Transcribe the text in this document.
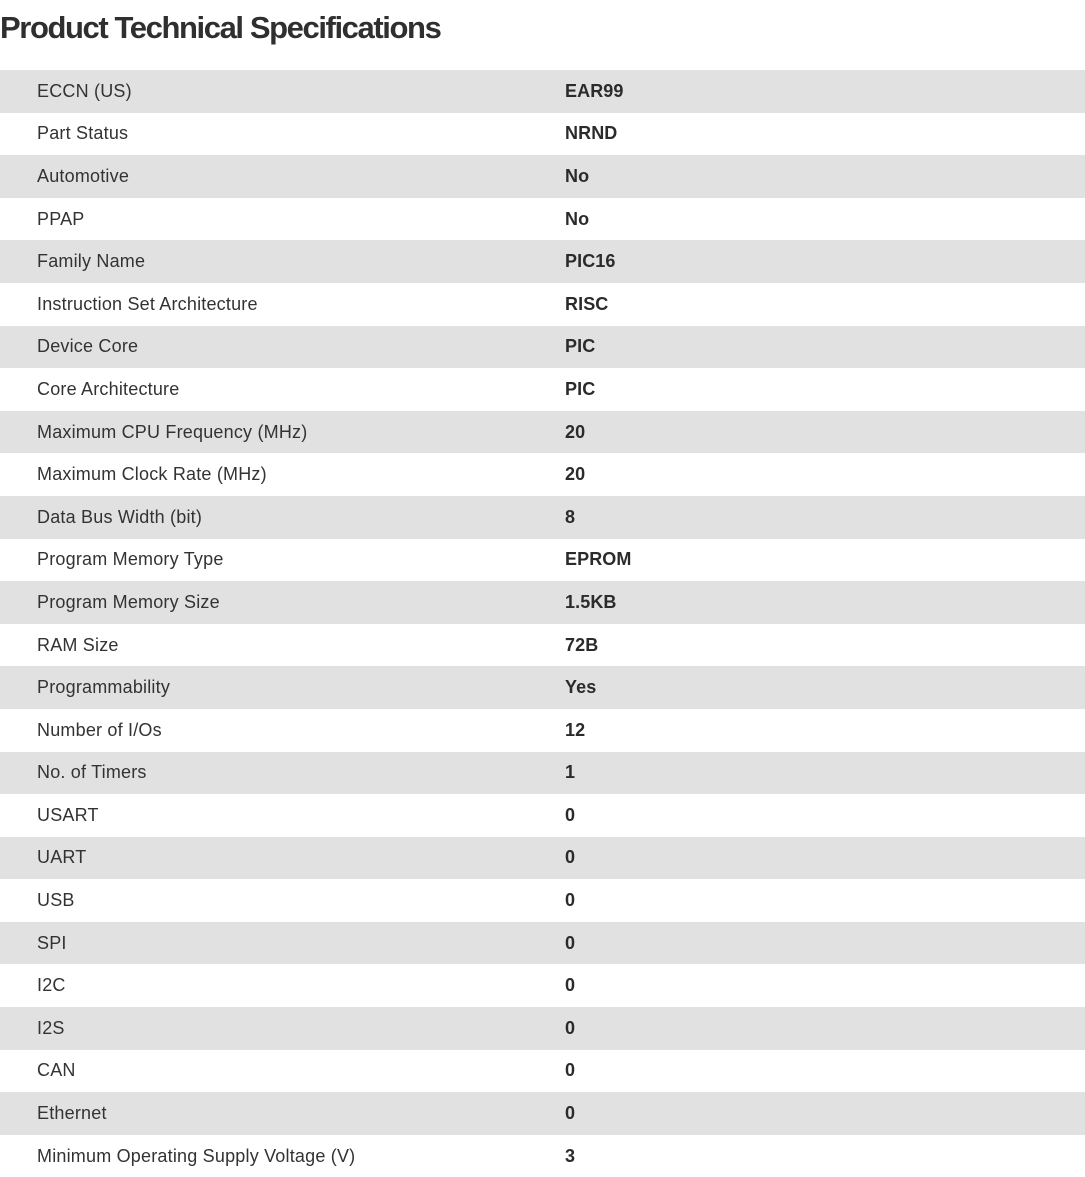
Product Technical Specifications
ECCN (US)	EAR99
Part Status	NRND
Automotive	No
PPAP	No
Family Name	PIC16
Instruction Set Architecture	RISC
Device Core	PIC
Core Architecture	PIC
Maximum CPU Frequency (MHz)	20
Maximum Clock Rate (MHz)	20
Data Bus Width (bit)	8
Program Memory Type	EPROM
Program Memory Size	1.5KB
RAM Size	72B
Programmability	Yes
Number of I/Os	12
No. of Timers	1
USART	0
UART	0
USB	0
SPI	0
I2C	0
I2S	0
CAN	0
Ethernet	0
Minimum Operating Supply Voltage (V)	3
